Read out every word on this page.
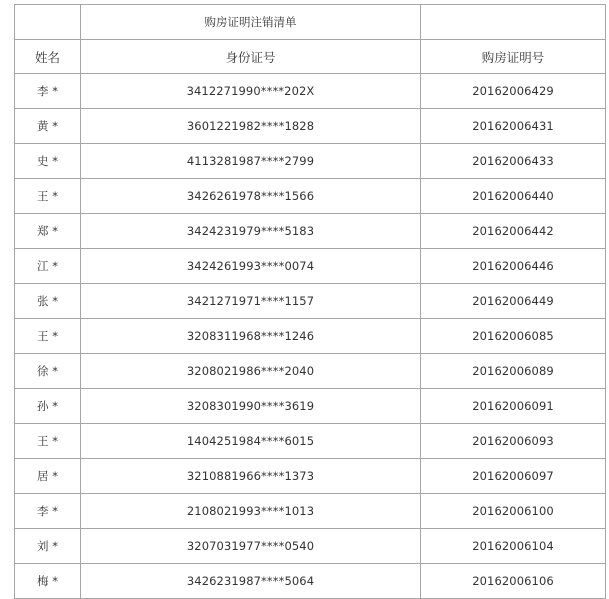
	购房证明注销清单	
姓名	身份证号	购房证明号
李 *	3412271990****202X	20162006429
黄 *	3601221982****1828	20162006431
史 *	4113281987****2799	20162006433
王 *	3426261978****1566	20162006440
郑 *	3424231979****5183	20162006442
江 *	3424261993****0074	20162006446
张 *	3421271971****1157	20162006449
王 *	3208311968****1246	20162006085
徐 *	3208021986****2040	20162006089
孙 *	3208301990****3619	20162006091
王 *	1404251984****6015	20162006093
居 *	3210881966****1373	20162006097
李 *	2108021993****1013	20162006100
刘 *	3207031977****0540	20162006104
梅 *	3426231987****5064	20162006106
